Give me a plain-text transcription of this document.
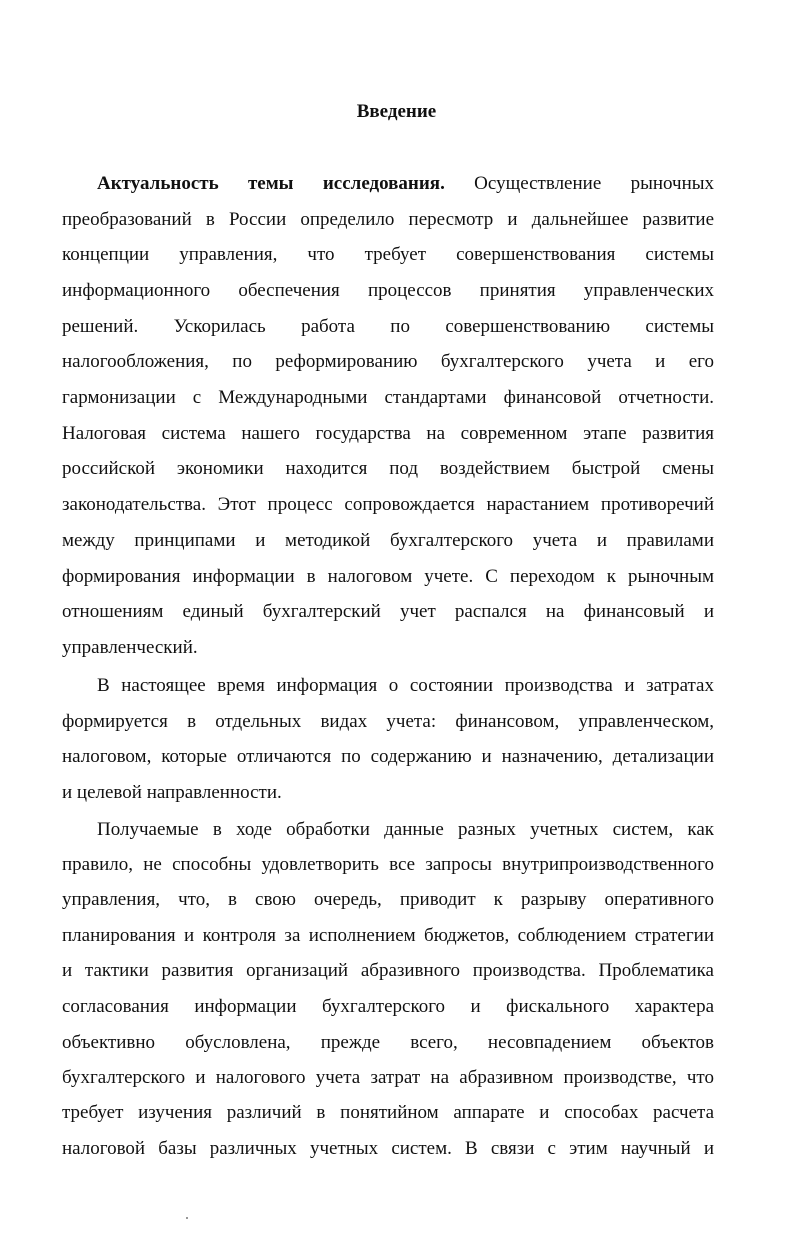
Введение
Актуальность темы исследования. Осуществление рыночных
преобразований в России определило пересмотр и дальнейшее развитие
концепции управления, что требует совершенствования системы
информационного обеспечения процессов принятия управленческих
решений. Ускорилась работа по совершенствованию системы
налогообложения, по реформированию бухгалтерского учета и его
гармонизации с Международными стандартами финансовой отчетности.
Налоговая система нашего государства на современном этапе развития
российской экономики находится под воздействием быстрой смены
законодательства. Этот процесс сопровождается нарастанием противоречий
между принципами и методикой бухгалтерского учета и правилами
формирования информации в налоговом учете. С переходом к рыночным
отношениям единый бухгалтерский учет распался на финансовый и
управленческий.
В настоящее время информация о состоянии производства и затратах
формируется в отдельных видах учета: финансовом, управленческом,
налоговом, которые отличаются по содержанию и назначению, детализации
и целевой направленности.
Получаемые в ходе обработки данные разных учетных систем, как
правило, не способны удовлетворить все запросы внутрипроизводственного
управления, что, в свою очередь, приводит к разрыву оперативного
планирования и контроля за исполнением бюджетов, соблюдением стратегии
и тактики развития организаций абразивного производства. Проблематика
согласования информации бухгалтерского и фискального характера
объективно обусловлена, прежде всего, несовпадением объектов
бухгалтерского и налогового учета затрат на абразивном производстве, что
требует изучения различий в понятийном аппарате и способах расчета
налоговой базы различных учетных систем. В связи с этим научный и
